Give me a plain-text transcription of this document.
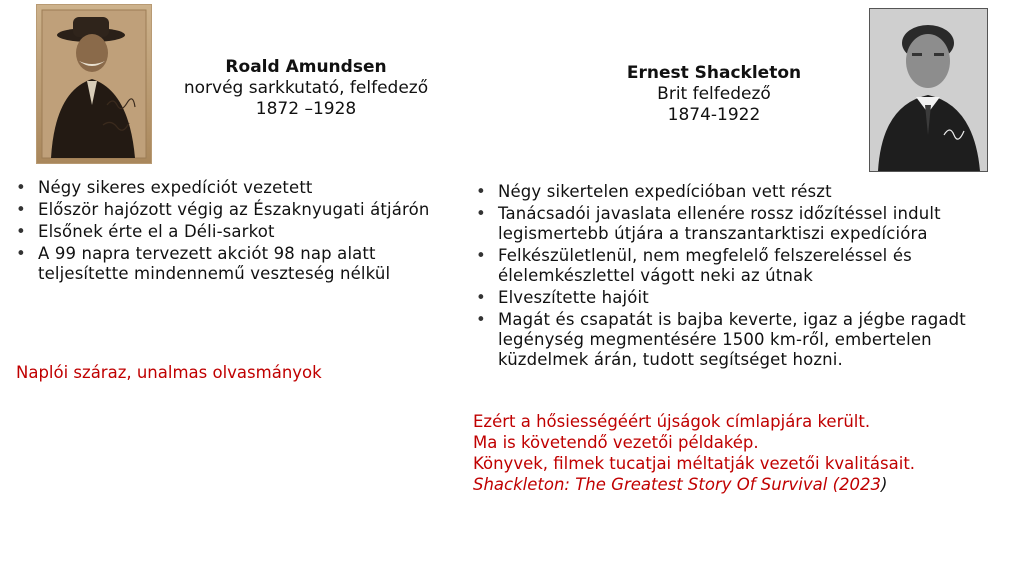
Roald Amundsen
norvég sarkkutató, felfedező
1872 –1928
Ernest Shackleton
Brit felfedező
1874-1922
• Négy sikeres expedíciót vezetett
• Először hajózott végig az Északnyugati átjárón
• Elsőnek érte el a Déli-sarkot
• A 99 napra tervezett akciót 98 nap alatt teljesítette mindennemű veszteség nélkül
• Négy sikertelen expedícióban vett részt
• Tanácsadói javaslata ellenére rossz időzítéssel indult legismertebb útjára a transzantarktiszi expedícióra
• Felkészületlenül, nem megfelelő felszereléssel és élelemkészlettel vágott neki az útnak
• Elveszítette hajóit
• Magát és csapatát is bajba keverte, igaz a jégbe ragadt legénység megmentésére 1500 km-ről, embertelen küzdelmek árán, tudott segítséget hozni.
Naplói száraz, unalmas olvasmányok
Ezért a hősiességéért újságok címlapjára került.
Ma is követendő vezetői példakép.
Könyvek, filmek tucatjai méltatják vezetői kvalitásait.
Shackleton: The Greatest Story Of Survival (2023)
